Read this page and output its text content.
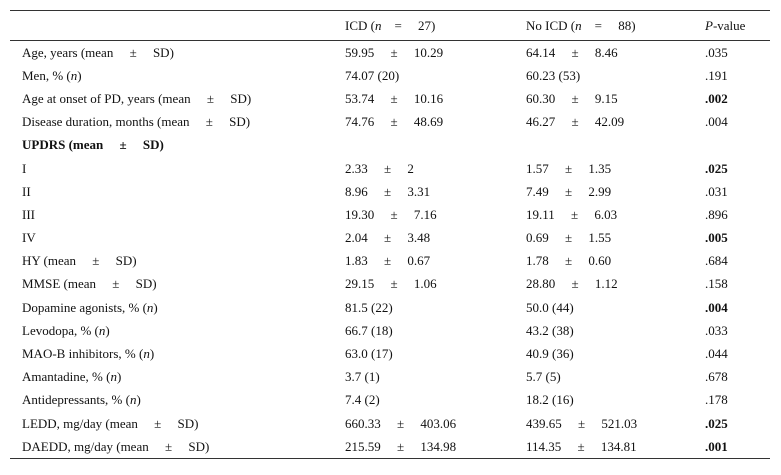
	ICD (n    =     27)	No ICD (n    =     88)	P-value
Age, years (mean     ±     SD)	59.95     ±     10.29	64.14     ±     8.46	.035
Men, % (n)	74.07 (20)	60.23 (53)	.191
Age at onset of PD, years (mean     ±     SD)	53.74     ±     10.16	60.30     ±     9.15	.002
Disease duration, months (mean     ±     SD)	74.76     ±     48.69	46.27     ±     42.09	.004
UPDRS (mean     ±     SD)			
I	2.33     ±     2	1.57     ±     1.35	.025
II	8.96     ±     3.31	7.49     ±     2.99	.031
III	19.30     ±     7.16	19.11     ±     6.03	.896
IV	2.04     ±     3.48	0.69     ±     1.55	.005
HY (mean     ±     SD)	1.83     ±     0.67	1.78     ±     0.60	.684
MMSE (mean     ±     SD)	29.15     ±     1.06	28.80     ±     1.12	.158
Dopamine agonists, % (n)	81.5 (22)	50.0 (44)	.004
Levodopa, % (n)	66.7 (18)	43.2 (38)	.033
MAO-B inhibitors, % (n)	63.0 (17)	40.9 (36)	.044
Amantadine, % (n)	3.7 (1)	5.7 (5)	.678
Antidepressants, % (n)	7.4 (2)	18.2 (16)	.178
LEDD, mg/day (mean     ±     SD)	660.33     ±     403.06	439.65     ±     521.03	.025
DAEDD, mg/day (mean     ±     SD)	215.59     ±     134.98	114.35     ±     134.81	.001
